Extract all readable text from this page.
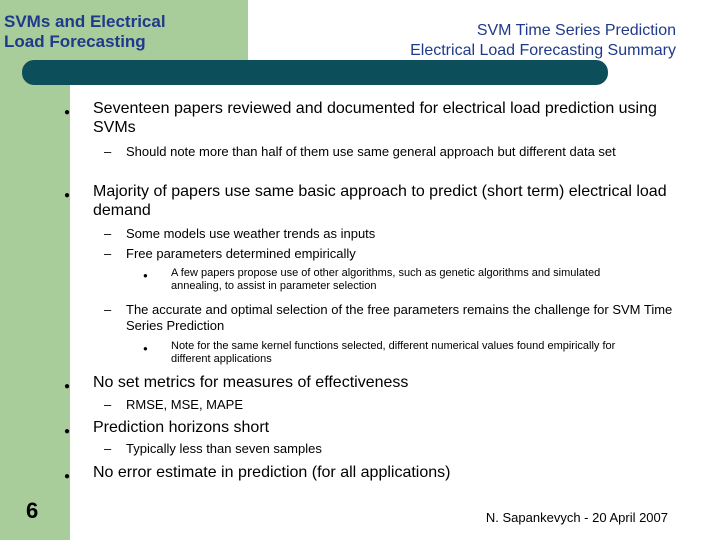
SVMs and Electrical
Load Forecasting
SVM Time Series Prediction
Electrical Load Forecasting Summary
● Seventeen papers reviewed and documented for electrical load prediction using SVMs
– Should note more than half of them use same general approach but different data set
● Majority of papers use same basic approach to predict (short term) electrical load demand
– Some models use weather trends as inputs
– Free parameters determined empirically
● A few papers propose use of other algorithms, such as genetic algorithms and simulated annealing, to assist in parameter selection
– The accurate and optimal selection of the free parameters remains the challenge for SVM Time Series Prediction
● Note for the same kernel functions selected, different numerical values found empirically for different applications
● No set metrics for measures of effectiveness
– RMSE, MSE, MAPE
● Prediction horizons short
– Typically less than seven samples
● No error estimate in prediction (for all applications)
6	N. Sapankevych - 20 April 2007
